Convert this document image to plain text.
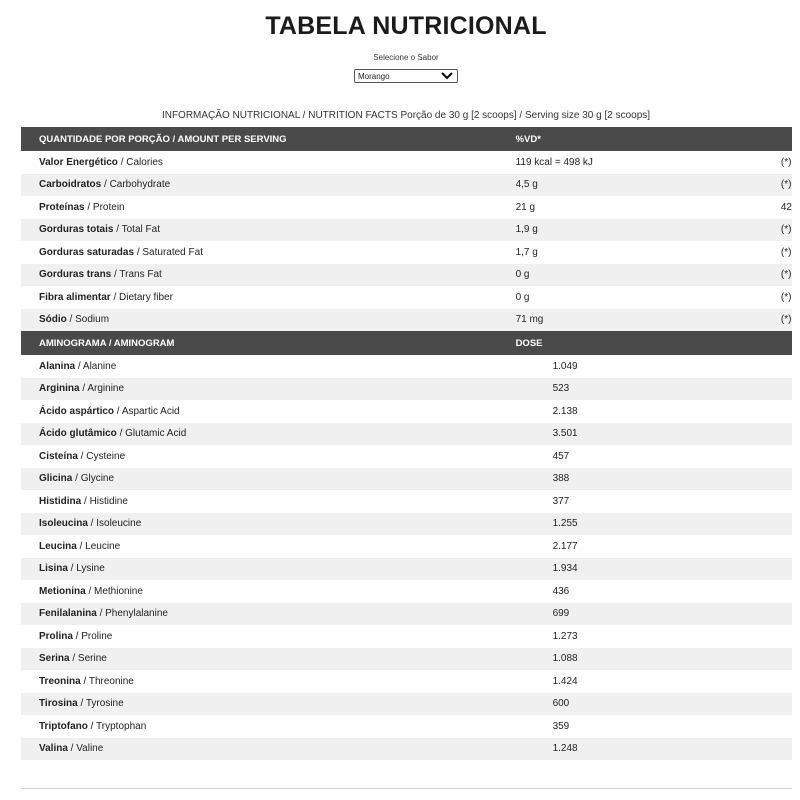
TABELA NUTRICIONAL
Selecione o Sabor
Morango
INFORMAÇÃO NUTRICIONAL / NUTRITION FACTS Porção de 30 g [2 scoops] / Serving size 30 g [2 scoops]
QUANTIDADE POR PORÇÃO / AMOUNT PER SERVING	%VD*	
Valor Energético / Calories	119 kcal = 498 kJ	(*)
Carboidratos / Carbohydrate	4,5 g	(*)
Proteínas / Protein	21 g	42
Gorduras totais / Total Fat	1,9 g	(*)
Gorduras saturadas / Saturated Fat	1,7 g	(*)
Gorduras trans / Trans Fat	0 g	(*)
Fibra alimentar / Dietary fiber	0 g	(*)
Sódio / Sodium	71 mg	(*)
AMINOGRAMA / AMINOGRAM	DOSE	
Alanina / Alanine	1.049	
Arginina / Arginine	523	
Ácido aspártico / Aspartic Acid	2.138	
Ácido glutâmico / Glutamic Acid	3.501	
Cisteína / Cysteine	457	
Glicina / Glycine	388	
Histidina / Histidine	377	
Isoleucina / Isoleucine	1.255	
Leucina / Leucine	2.177	
Lisina / Lysine	1.934	
Metionina / Methionine	436	
Fenilalanina / Phenylalanine	699	
Prolina / Proline	1.273	
Serina / Serine	1.088	
Treonina / Threonine	1.424	
Tirosina / Tyrosine	600	
Triptofano / Tryptophan	359	
Valina / Valine	1.248	
